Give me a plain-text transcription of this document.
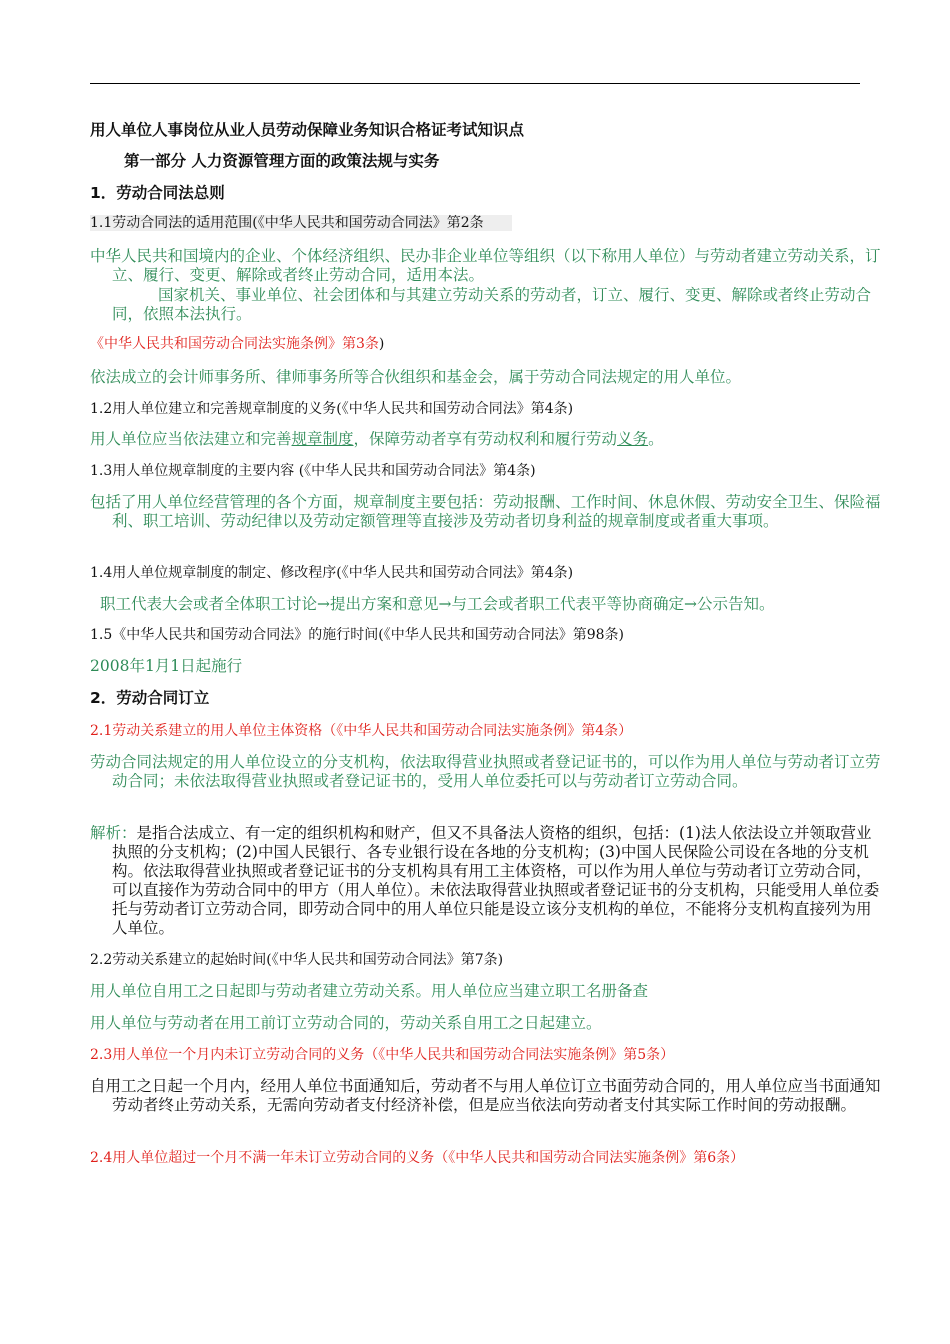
用人单位人事岗位从业人员劳动保障业务知识合格证考试知识点
第一部分 人力资源管理方面的政策法规与实务
1．劳动合同法总则
1.1劳动合同法的适用范围(《中华人民共和国劳动合同法》第2条
中华人民共和国境内的企业、个体经济组织、民办非企业单位等组织（以下称用人单位）与劳动者建立劳动关系，订立、履行、变更、解除或者终止劳动合同，适用本法。
国家机关、事业单位、社会团体和与其建立劳动关系的劳动者，订立、履行、变更、解除或者终止劳动合同，依照本法执行。
《中华人民共和国劳动合同法实施条例》第3条)
依法成立的会计师事务所、律师事务所等合伙组织和基金会，属于劳动合同法规定的用人单位。
1.2用人单位建立和完善规章制度的义务(《中华人民共和国劳动合同法》第4条)
用人单位应当依法建立和完善规章制度，保障劳动者享有劳动权利和履行劳动义务。
1.3用人单位规章制度的主要内容 (《中华人民共和国劳动合同法》第4条)
包括了用人单位经营管理的各个方面，规章制度主要包括：劳动报酬、工作时间、休息休假、劳动安全卫生、保险福利、职工培训、劳动纪律以及劳动定额管理等直接涉及劳动者切身利益的规章制度或者重大事项。
1.4用人单位规章制度的制定、修改程序(《中华人民共和国劳动合同法》第4条)
职工代表大会或者全体职工讨论→提出方案和意见→与工会或者职工代表平等协商确定→公示告知。
1.5《中华人民共和国劳动合同法》的施行时间(《中华人民共和国劳动合同法》第98条)
2008年1月1日起施行
2．劳动合同订立
2.1劳动关系建立的用人单位主体资格（《中华人民共和国劳动合同法实施条例》第4条）
劳动合同法规定的用人单位设立的分支机构，依法取得营业执照或者登记证书的，可以作为用人单位与劳动者订立劳动合同；未依法取得营业执照或者登记证书的，受用人单位委托可以与劳动者订立劳动合同。
解析：是指合法成立、有一定的组织机构和财产，但又不具备法人资格的组织，包括：(1)法人依法设立并领取营业执照的分支机构；(2)中国人民银行、各专业银行设在各地的分支机构；(3)中国人民保险公司设在各地的分支机构。依法取得营业执照或者登记证书的分支机构具有用工主体资格，可以作为用人单位与劳动者订立劳动合同，可以直接作为劳动合同中的甲方（用人单位）。未依法取得营业执照或者登记证书的分支机构，只能受用人单位委托与劳动者订立劳动合同，即劳动合同中的用人单位只能是设立该分支机构的单位，不能将分支机构直接列为用人单位。
2.2劳动关系建立的起始时间(《中华人民共和国劳动合同法》第7条)
用人单位自用工之日起即与劳动者建立劳动关系。用人单位应当建立职工名册备查
用人单位与劳动者在用工前订立劳动合同的，劳动关系自用工之日起建立。
2.3用人单位一个月内未订立劳动合同的义务（《中华人民共和国劳动合同法实施条例》第5条）
自用工之日起一个月内，经用人单位书面通知后，劳动者不与用人单位订立书面劳动合同的，用人单位应当书面通知劳动者终止劳动关系，无需向劳动者支付经济补偿，但是应当依法向劳动者支付其实际工作时间的劳动报酬。
2.4用人单位超过一个月不满一年未订立劳动合同的义务（《中华人民共和国劳动合同法实施条例》第6条）
